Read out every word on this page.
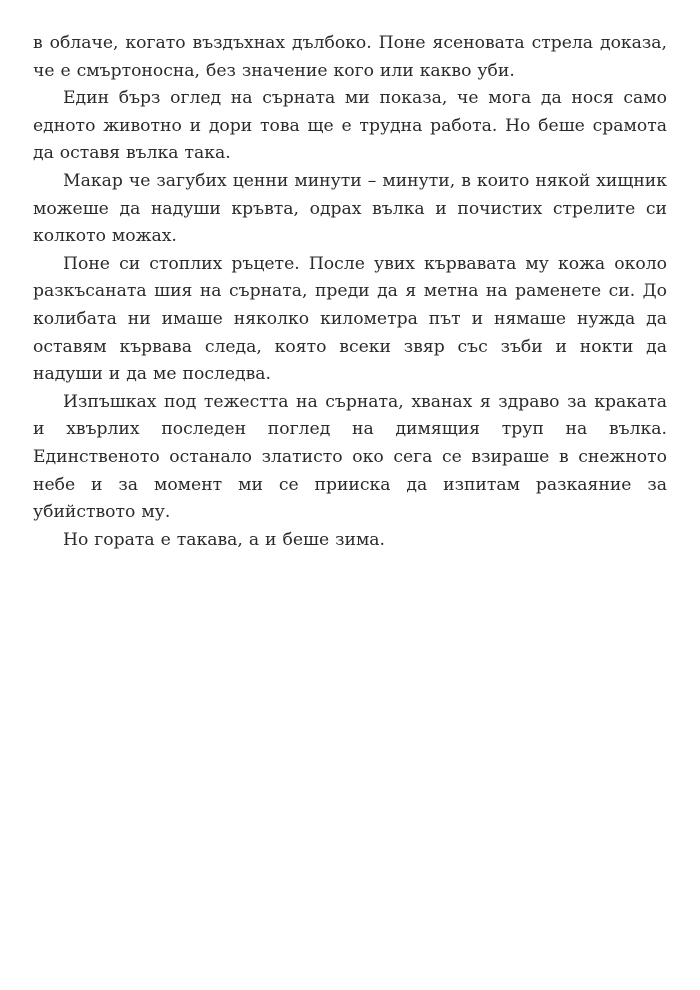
в облаче, когато въздъхнах дълбоко. Поне ясеновата стрела доказа, че е смъртоносна, без значение кого или какво уби.

Един бърз оглед на сърната ми показа, че мога да нося само едното животно и дори това ще е трудна работа. Но беше срамота да оставя вълка така.

Макар че загубих ценни минути – минути, в които някой хищник можеше да надуши кръвта, одрах вълка и почистих стрелите си колкото можах.

Поне си стоплих ръцете. После увих кървавата му кожа около разкъсаната шия на сърната, преди да я метна на раменете си. До колибата ни имаше няколко километра път и нямаше нужда да оставям кървава следа, която всеки звяр със зъби и нокти да надуши и да ме последва.

Изпъшках под тежестта на сърната, хванах я здраво за краката и хвърлих последен поглед на димящия труп на вълка. Единственото останало златисто око сега се взираше в снежното небе и за момент ми се прииска да изпитам разкаяние за убийството му.

Но гората е такава, а и беше зима.
